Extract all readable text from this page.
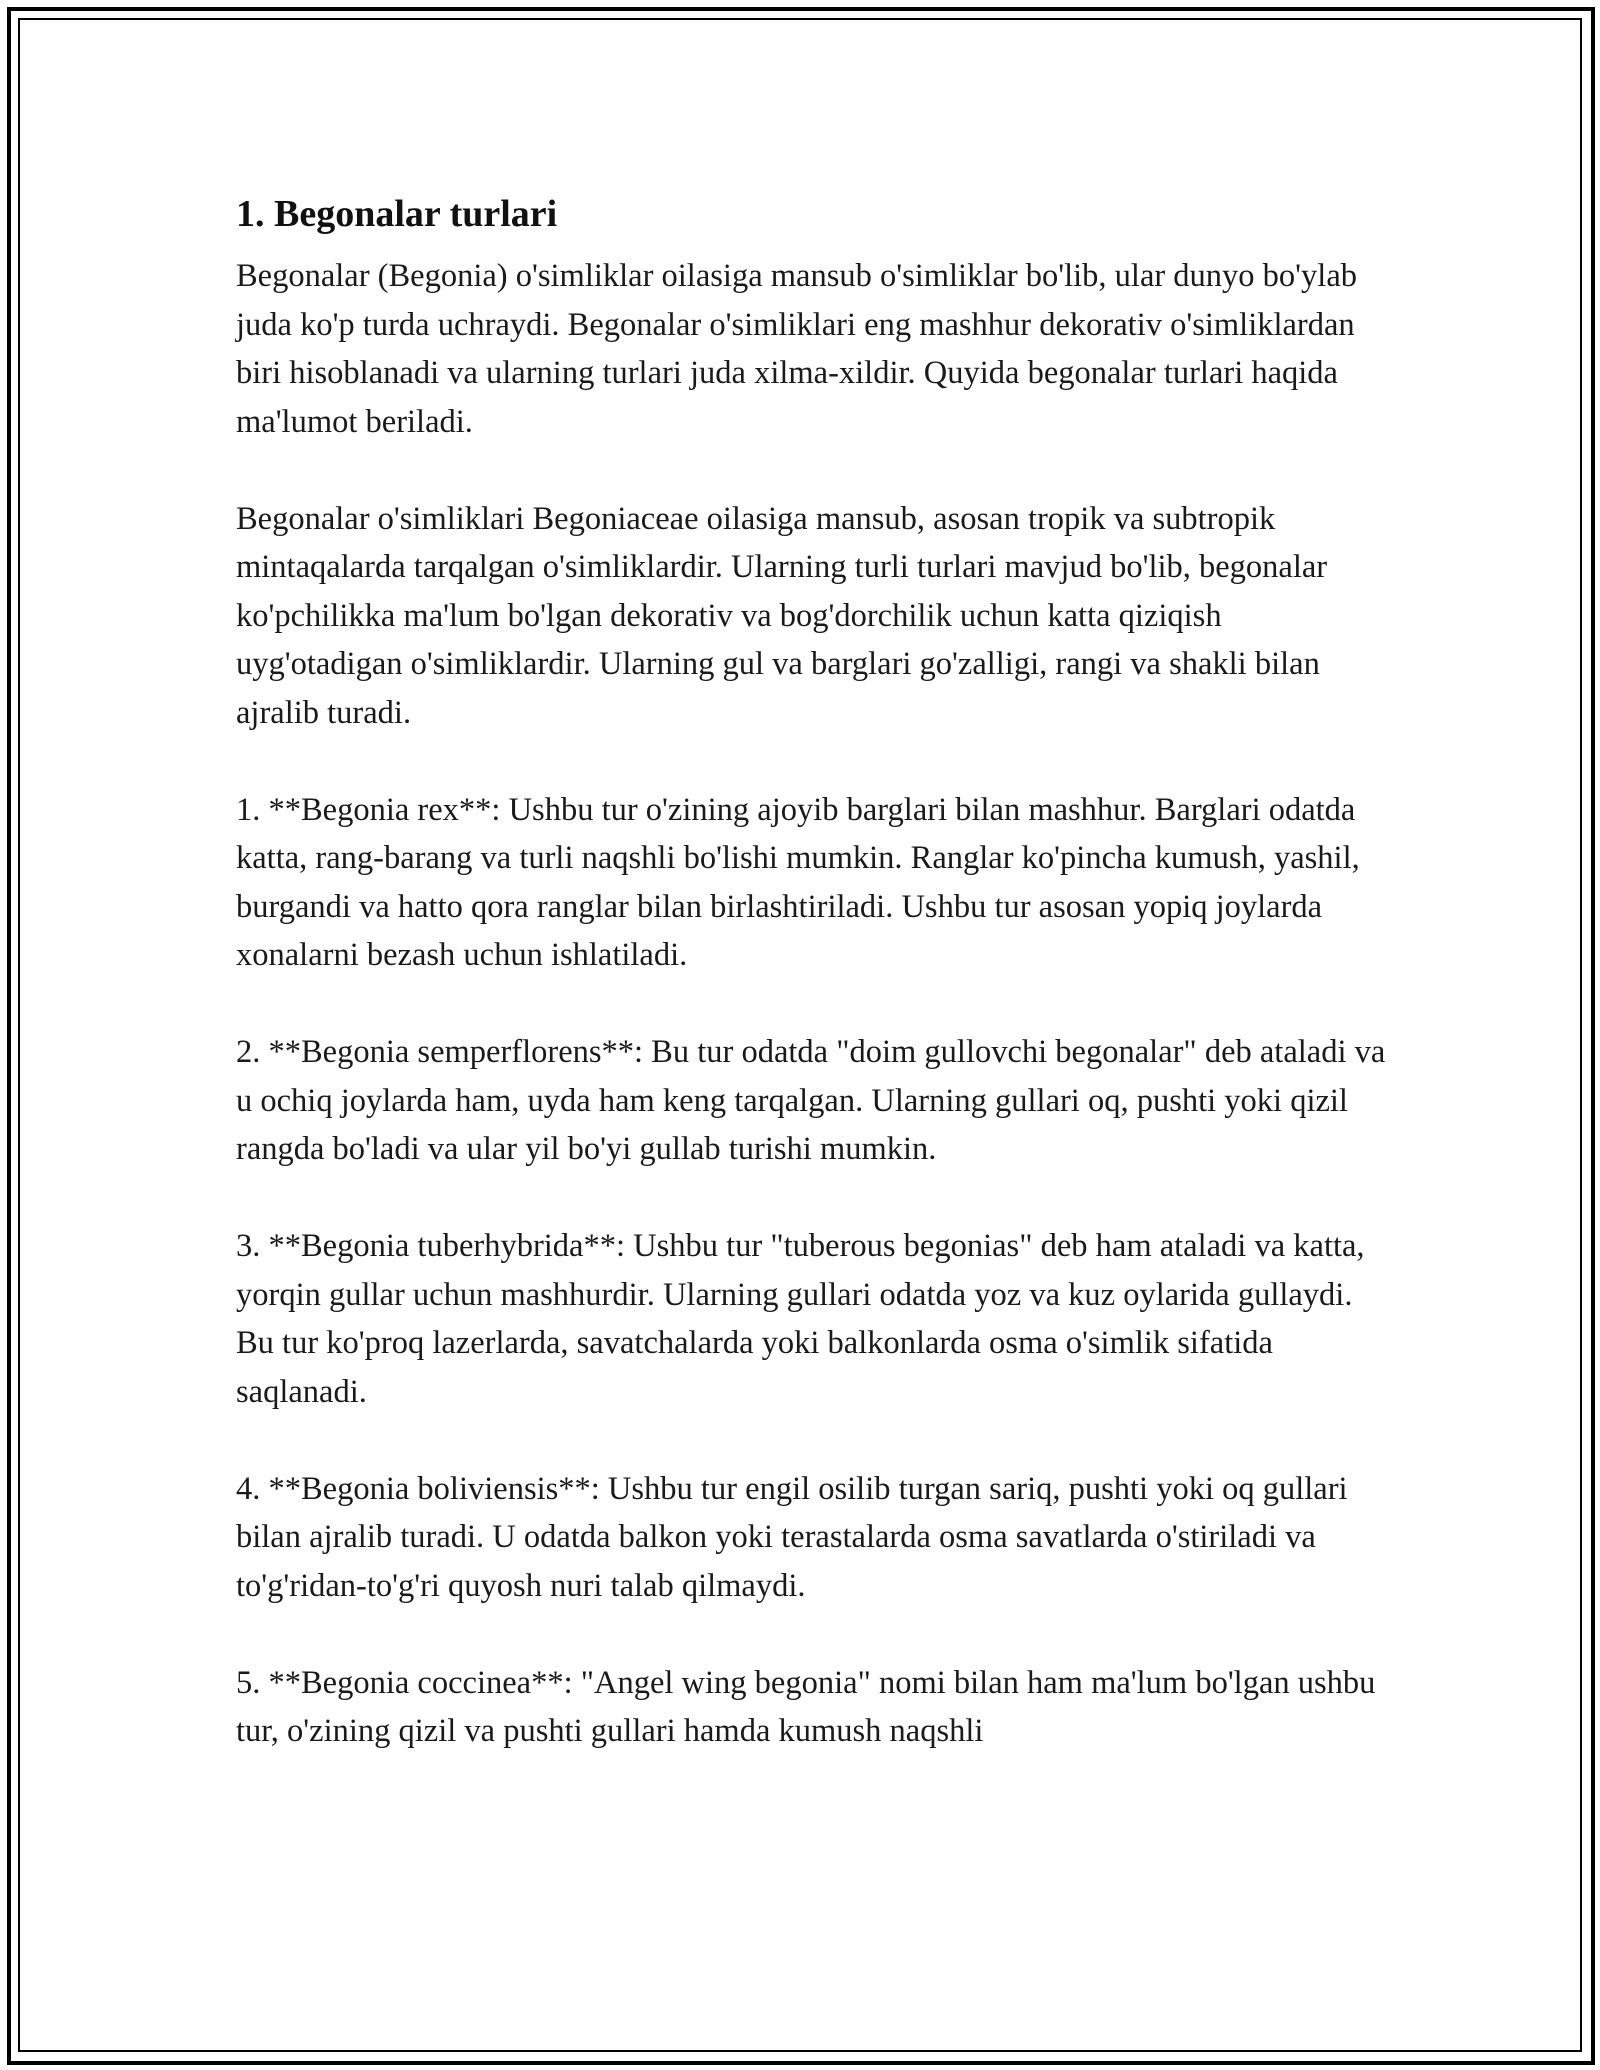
1. Begonalar turlari

Begonalar (Begonia) o'simliklar oilasiga mansub o'simliklar bo'lib, ular dunyo bo'ylab juda ko'p turda uchraydi. Begonalar o'simliklari eng mashhur dekorativ o'simliklardan biri hisoblanadi va ularning turlari juda xilma-xildir. Quyida begonalar turlari haqida ma'lumot beriladi.

Begonalar o'simliklari Begoniaceae oilasiga mansub, asosan tropik va subtropik mintaqalarda tarqalgan o'simliklardir. Ularning turli turlari mavjud bo'lib, begonalar ko'pchilikka ma'lum bo'lgan dekorativ va bog'dorchilik uchun katta qiziqish uyg'otadigan o'simliklardir. Ularning gul va barglari go'zalligi, rangi va shakli bilan ajralib turadi.

1. **Begonia rex**: Ushbu tur o'zining ajoyib barglari bilan mashhur. Barglari odatda katta, rang-barang va turli naqshli bo'lishi mumkin. Ranglar ko'pincha kumush, yashil, burgandi va hatto qora ranglar bilan birlashtiriladi. Ushbu tur asosan yopiq joylarda xonalarni bezash uchun ishlatiladi.

2. **Begonia semperflorens**: Bu tur odatda "doim gullovchi begonalar" deb ataladi va u ochiq joylarda ham, uyda ham keng tarqalgan. Ularning gullari oq, pushti yoki qizil rangda bo'ladi va ular yil bo'yi gullab turishi mumkin.

3. **Begonia tuberhybrida**: Ushbu tur "tuberous begonias" deb ham ataladi va katta, yorqin gullar uchun mashhurdir. Ularning gullari odatda yoz va kuz oylarida gullaydi. Bu tur ko'proq lazerlarda, savatchalarda yoki balkonlarda osma o'simlik sifatida saqlanadi.

4. **Begonia boliviensis**: Ushbu tur engil osilib turgan sariq, pushti yoki oq gullari bilan ajralib turadi. U odatda balkon yoki terastalarda osma savatlarda o'stiriladi va to'g'ridan-to'g'ri quyosh nuri talab qilmaydi.

5. **Begonia coccinea**: "Angel wing begonia" nomi bilan ham ma'lum bo'lgan ushbu tur, o'zining qizil va pushti gullari hamda kumush naqshli
